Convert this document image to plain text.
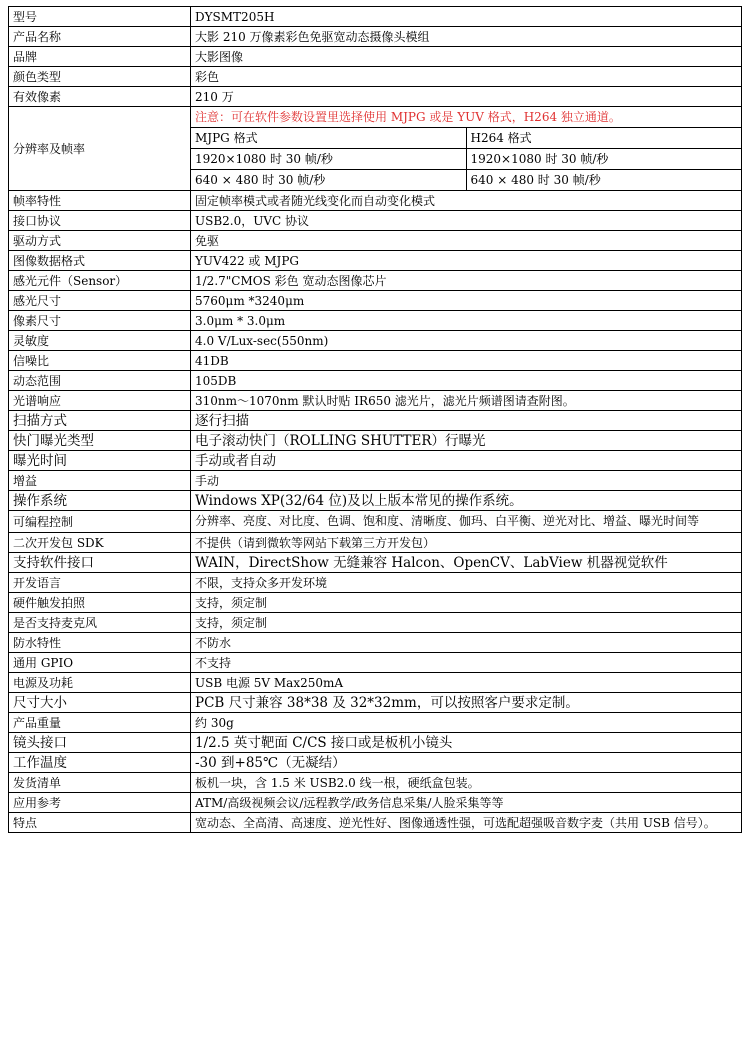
型号	DYSMT205H
产品名称	大影 210 万像素彩色免驱宽动态摄像头模组
品牌	大影图像
颜色类型	彩色
有效像素	210 万
分辨率及帧率	
注意：可在软件参数设置里选择使用 MJPG 或是 YUV 格式，H264 独立通道。
MJPG 格式	H264 格式
1920×1080 时 30 帧/秒	1920×1080 时 30 帧/秒
640 × 480 时 30 帧/秒	640 × 480 时 30 帧/秒

帧率特性	固定帧率模式或者随光线变化而自动变化模式
接口协议	USB2.0，UVC 协议
驱动方式	免驱
图像数据格式	YUV422 或 MJPG
感光元件（Sensor）	1/2.7"CMOS 彩色 宽动态图像芯片
感光尺寸	5760μm *3240μm
像素尺寸	3.0μm * 3.0μm
灵敏度	4.0 V/Lux-sec(550nm)
信噪比	41DB
动态范围	105DB
光谱响应	310nm～1070nm 默认时贴 IR650 滤光片，滤光片频谱图请查附图。
扫描方式	逐行扫描
快门曝光类型	电子滚动快门（ROLLING SHUTTER）行曝光
曝光时间	手动或者自动
增益	手动
操作系统	Windows XP(32/64 位)及以上版本常见的操作系统。
可编程控制	分辨率、亮度、对比度、色调、饱和度、清晰度、伽玛、白平衡、逆光对比、增益、曝光时间等
二次开发包 SDK	不提供（请到微软等网站下载第三方开发包）
支持软件接口	WAIN，DirectShow 无缝兼容 Halcon、OpenCV、LabView 机器视觉软件
开发语言	不限，支持众多开发环境
硬件触发拍照	支持，须定制
是否支持麦克风	支持，须定制
防水特性	不防水
通用 GPIO	不支持
电源及功耗	USB 电源 5V Max250mA
尺寸大小	PCB 尺寸兼容 38*38 及 32*32mm，可以按照客户要求定制。
产品重量	约 30g
镜头接口	1/2.5 英寸靶面 C/CS 接口或是板机小镜头
工作温度	-30 到+85℃（无凝结）
发货清单	板机一块，含 1.5 米 USB2.0 线一根，硬纸盒包装。
应用参考	ATM/高级视频会议/远程教学/政务信息采集/人脸采集等等
特点	宽动态、全高清、高速度、逆光性好、图像通透性强，可选配超强吸音数字麦（共用 USB 信号）。
